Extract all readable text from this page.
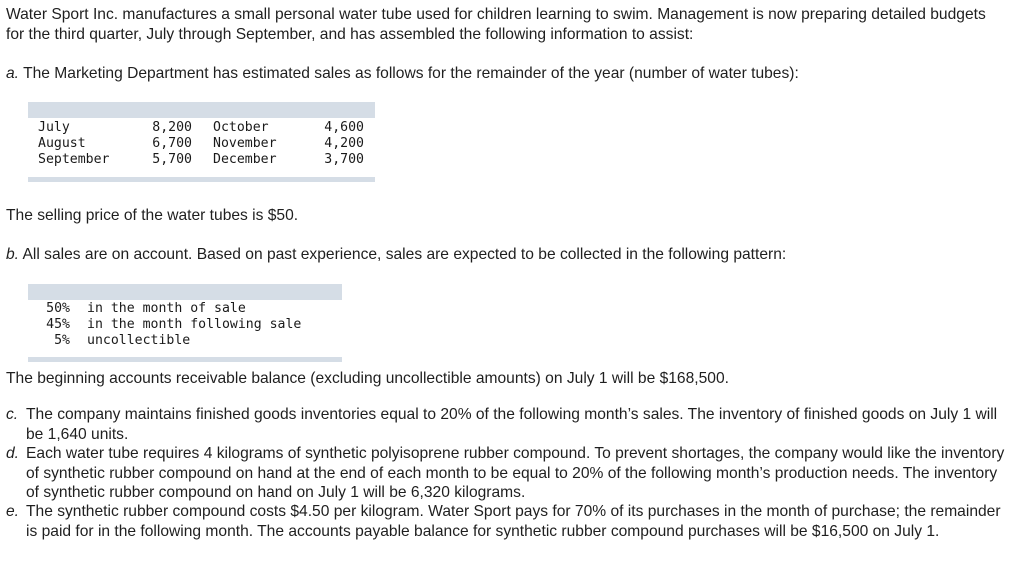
Water Sport Inc. manufactures a small personal water tube used for children learning to swim. Management is now preparing detailed budgets for the third quarter, July through September, and has assembled the following information to assist:

a. The Marketing Department has estimated sales as follows for the remainder of the year (number of water tubes):
July
August
September
8,200
6,700
5,700
October
November
December
4,600
4,200
3,700

The selling price of the water tubes is $50.

b. All sales are on account. Based on past experience, sales are expected to be collected in the following pattern:
50%
45%
5%
in the month of sale
in the month following sale
uncollectible

The beginning accounts receivable balance (excluding uncollectible amounts) on July 1 will be $168,500.

c. The company maintains finished goods inventories equal to 20% of the following month’s sales. The inventory of finished goods on July 1 will be 1,640 units.
d. Each water tube requires 4 kilograms of synthetic polyisoprene rubber compound. To prevent shortages, the company would like the inventory of synthetic rubber compound on hand at the end of each month to be equal to 20% of the following month’s production needs. The inventory of synthetic rubber compound on hand on July 1 will be 6,320 kilograms.
e. The synthetic rubber compound costs $4.50 per kilogram. Water Sport pays for 70% of its purchases in the month of purchase; the remainder is paid for in the following month. The accounts payable balance for synthetic rubber compound purchases will be $16,500 on July 1.
